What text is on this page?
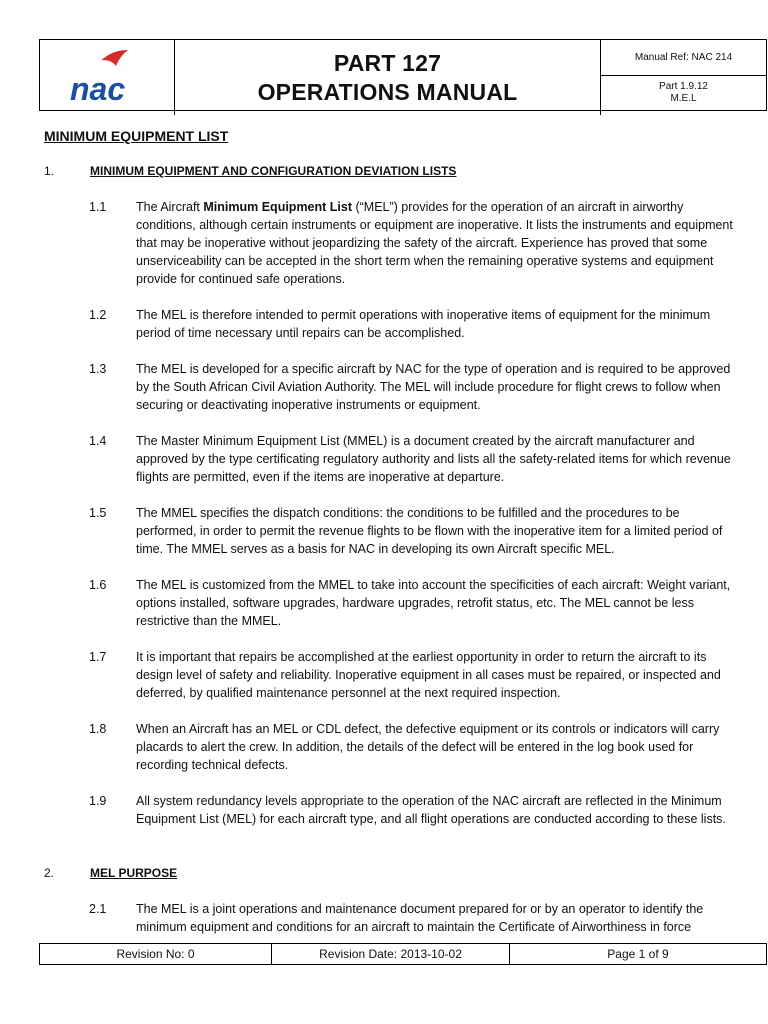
nac
PART 127
OPERATIONS MANUAL
Manual Ref: NAC 214
Part 1.9.12
M.E.L
MINIMUM EQUIPMENT LIST
1.	MINIMUM EQUIPMENT AND CONFIGURATION DEVIATION LISTS
1.1 The Aircraft Minimum Equipment List (“MEL”) provides for the operation of an aircraft in airworthy conditions, although certain instruments or equipment are inoperative. It lists the instruments and equipment that may be inoperative without jeopardizing the safety of the aircraft. Experience has proved that some unserviceability can be accepted in the short term when the remaining operative systems and equipment provide for continued safe operations.
1.2 The MEL is therefore intended to permit operations with inoperative items of equipment for the minimum period of time necessary until repairs can be accomplished.
1.3 The MEL is developed for a specific aircraft by NAC for the type of operation and is required to be approved by the South African Civil Aviation Authority. The MEL will include procedure for flight crews to follow when securing or deactivating inoperative instruments or equipment.
1.4 The Master Minimum Equipment List (MMEL) is a document created by the aircraft manufacturer and approved by the type certificating regulatory authority and lists all the safety-related items for which revenue flights are permitted, even if the items are inoperative at departure.
1.5 The MMEL specifies the dispatch conditions: the conditions to be fulfilled and the procedures to be performed, in order to permit the revenue flights to be flown with the inoperative item for a limited period of time. The MMEL serves as a basis for NAC in developing its own Aircraft specific MEL.
1.6 The MEL is customized from the MMEL to take into account the specificities of each aircraft: Weight variant, options installed, software upgrades, hardware upgrades, retrofit status, etc. The MEL cannot be less restrictive than the MMEL.
1.7 It is important that repairs be accomplished at the earliest opportunity in order to return the aircraft to its design level of safety and reliability. Inoperative equipment in all cases must be repaired, or inspected and deferred, by qualified maintenance personnel at the next required inspection.
1.8 When an Aircraft has an MEL or CDL defect, the defective equipment or its controls or indicators will carry placards to alert the crew. In addition, the details of the defect will be entered in the log book used for recording technical defects.
1.9 All system redundancy levels appropriate to the operation of the NAC aircraft are reflected in the Minimum Equipment List (MEL) for each aircraft type, and all flight operations are conducted according to these lists.
2.	MEL PURPOSE
2.1 The MEL is a joint operations and maintenance document prepared for or by an operator to identify the minimum equipment and conditions for an aircraft to maintain the Certificate of Airworthiness in force
Revision No: 0	Revision Date: 2013-10-02	Page 1 of 9
